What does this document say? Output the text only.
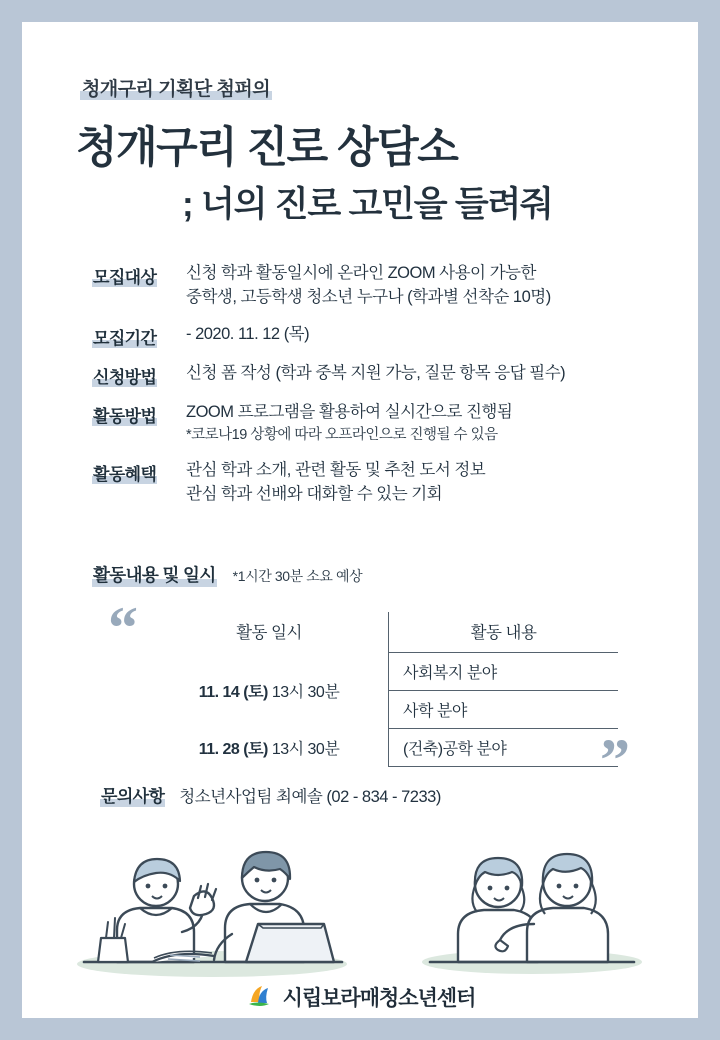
청개구리 기획단 첨퍼의
청개구리 진로 상담소
; 너의 진로 고민을 들려줘
모집대상	신청 학과 활동일시에 온라인 ZOOM 사용이 가능한
중학생, 고등학생 청소년 누구나 (학과별 선착순 10명)
모집기간	- 2020. 11. 12 (목)
신청방법	신청 폼 작성 (학과 중복 지원 가능, 질문 항목 응답 필수)
활동방법	ZOOM 프로그램을 활용하여 실시간으로 진행됨
*코로나19 상황에 따라 오프라인으로 진행될 수 있음
활동혜택	관심 학과 소개, 관련 활동 및 추천 도서 정보
관심 학과 선배와 대화할 수 있는 기회
활동내용 및 일시 *1시간 30분 소요 예상
“
”
활동 일시	활동 내용
11. 14 (토) 13시 30분	사회복지 분야
	사학 분야
11. 28 (토) 13시 30분	(건축)공학 분야
문의사항 청소년사업팀 최예솔 (02 - 834 - 7233)
시립보라매청소년센터
